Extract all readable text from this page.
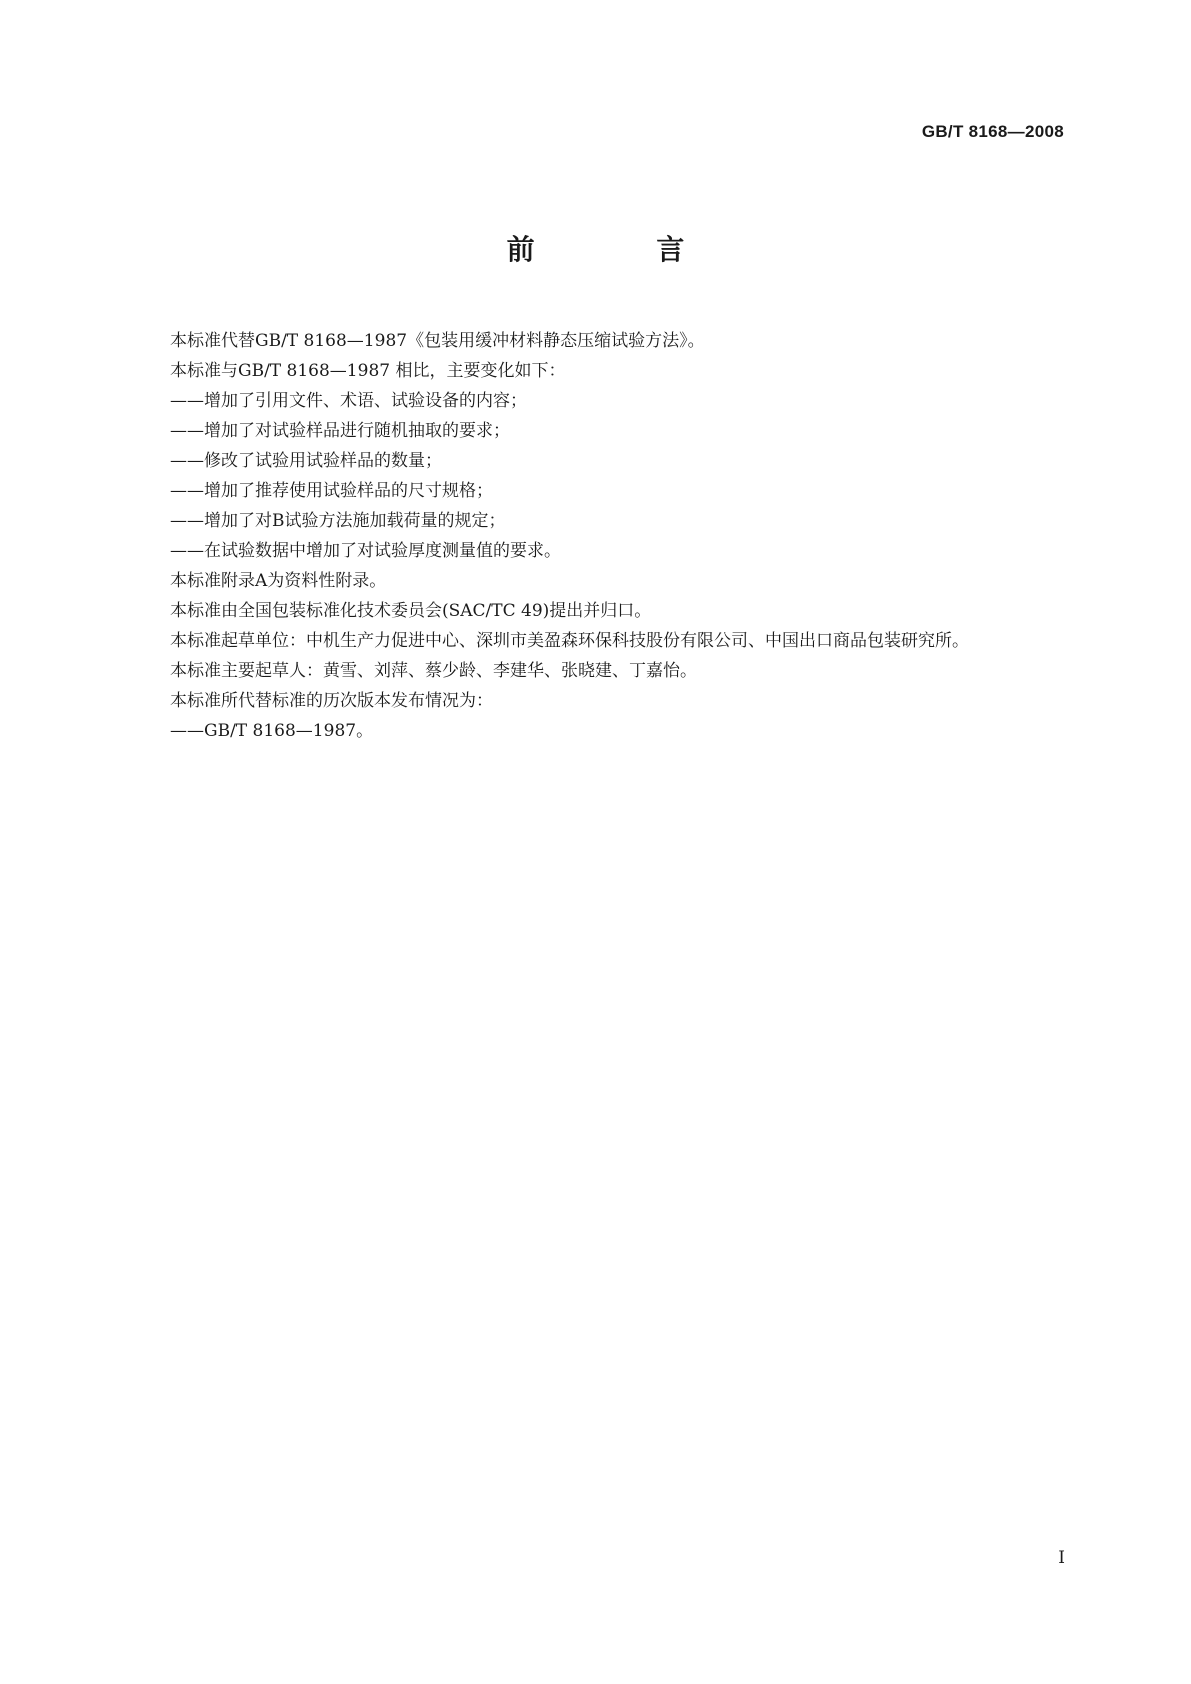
GB/T 8168—2008
前 言

本标准代替GB/T 8168—1987《包装用缓冲材料静态压缩试验方法》。

本标准与GB/T 8168—1987 相比，主要变化如下：

——增加了引用文件、术语、试验设备的内容；

——增加了对试验样品进行随机抽取的要求；

——修改了试验用试验样品的数量；

——增加了推荐使用试验样品的尺寸规格；

——增加了对B试验方法施加载荷量的规定；

——在试验数据中增加了对试验厚度测量值的要求。

本标准附录A为资料性附录。

本标准由全国包装标准化技术委员会(SAC/TC 49)提出并归口。

本标准起草单位：中机生产力促进中心、深圳市美盈森环保科技股份有限公司、中国出口商品包装研究所。

本标准主要起草人：黄雪、刘萍、蔡少龄、李建华、张晓建、丁嘉怡。

本标准所代替标准的历次版本发布情况为：

——GB/T 8168—1987。

I
